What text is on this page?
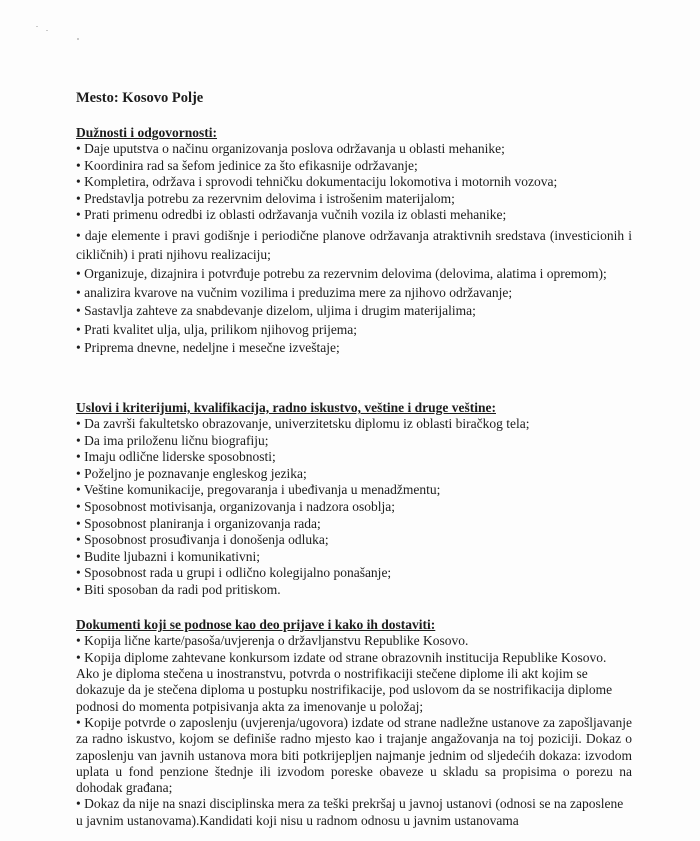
Mesto: Kosovo Polje

Dužnosti i odgovornosti:

• Daje uputstva o načinu organizovanja poslova održavanja u oblasti mehanike;
• Koordinira rad sa šefom jedinice za što efikasnije održavanje;
• Kompletira, održava i sprovodi tehničku dokumentaciju lokomotiva i motornih vozova;
• Predstavlja potrebu za rezervnim delovima i istrošenim materijalom;
• Prati primenu odredbi iz oblasti održavanja vučnih vozila iz oblasti mehanike;
• daje elemente i pravi godišnje i periodične planove održavanja atraktivnih sredstava (investicionih i cikličnih) i prati njihovu realizaciju;
• Organizuje, dizajnira i potvrđuje potrebu za rezervnim delovima (delovima, alatima i opremom);
• analizira kvarove na vučnim vozilima i preduzima mere za njihovo održavanje;
• Sastavlja zahteve za snabdevanje dizelom, uljima i drugim materijalima;
• Prati kvalitet ulja, ulja, prilikom njihovog prijema;
• Priprema dnevne, nedeljne i mesečne izveštaje;

Uslovi i kriterijumi, kvalifikacija, radno iskustvo, veštine i druge veštine:

• Da završi fakultetsko obrazovanje, univerzitetsku diplomu iz oblasti biračkog tela;
• Da ima priloženu ličnu biografiju;
• Imaju odlične liderske sposobnosti;
• Poželjno je poznavanje engleskog jezika;
• Veštine komunikacije, pregovaranja i ubeđivanja u menadžmentu;
• Sposobnost motivisanja, organizovanja i nadzora osoblja;
• Sposobnost planiranja i organizovanja rada;
• Sposobnost prosuđivanja i donošenja odluka;
• Budite ljubazni i komunikativni;
• Sposobnost rada u grupi i odlično kolegijalno ponašanje;
• Biti sposoban da radi pod pritiskom.

Dokumenti koji se podnose kao deo prijave i kako ih dostaviti:

• Kopija lične karte/pasoša/uvjerenja o državljanstvu Republike Kosovo.
• Kopija diplome zahtevane konkursom izdate od strane obrazovnih institucija Republike Kosovo. Ako je diploma stečena u inostranstvu, potvrda o nostrifikaciji stečene diplome ili akt kojim se dokazuje da je stečena diploma u postupku nostrifikacije, pod uslovom da se nostrifikacija diplome podnosi do momenta potpisivanja akta za imenovanje u položaj;
• Kopije potvrde o zaposlenju (uvjerenja/ugovora) izdate od strane nadležne ustanove za zapošljavanje za radno iskustvo, kojom se definiše radno mjesto kao i trajanje angažovanja na toj poziciji. Dokaz o zaposlenju van javnih ustanova mora biti potkrijepljen najmanje jednim od sljedećih dokaza: izvodom uplata u fond penzione štednje ili izvodom poreske obaveze u skladu sa propisima o porezu na dohodak građana;
• Dokaz da nije na snazi disciplinska mera za teški prekršaj u javnoj ustanovi (odnosi se na zaposlene u javnim ustanovama).Kandidati koji nisu u radnom odnosu u javnim ustanovama
